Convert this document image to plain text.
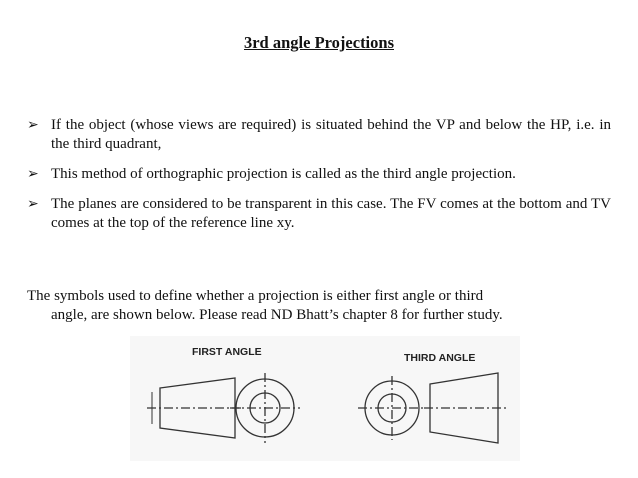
3rd angle Projections
➢ If the object (whose views are required) is situated behind the VP and below the HP, i.e. in the third quadrant,
➢ This method of orthographic projection is called as the third angle projection.
➢ The planes are considered to be transparent in this case. The FV comes at the bottom and TV comes at the top of the reference line xy.
The symbols used to define whether a projection is either first angle or third
angle, are shown below. Please read ND Bhatt’s chapter 8 for further study.
FIRST ANGLE	THIRD ANGLE
